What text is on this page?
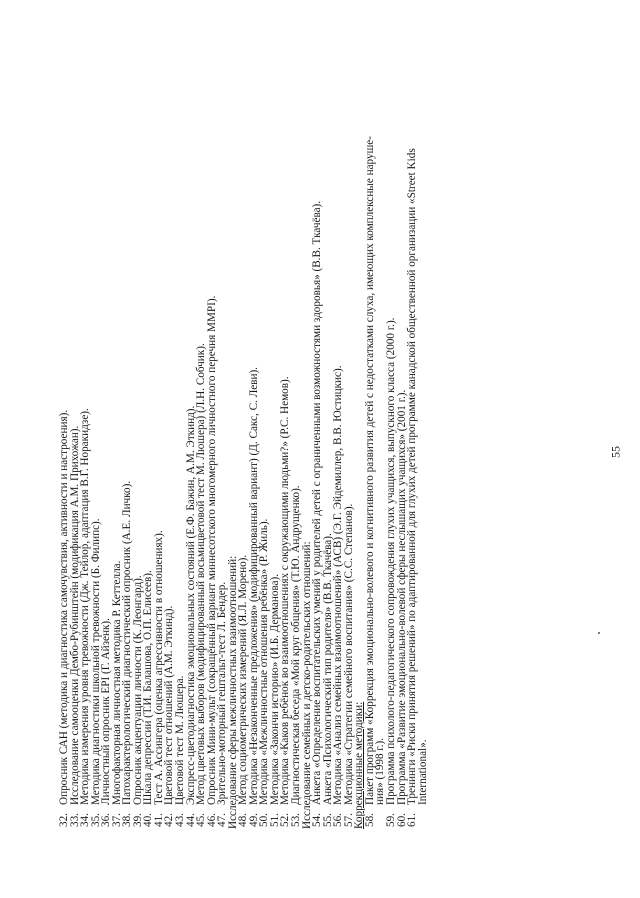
55
32.Опросник САН (методика и диагностика самочувствия, активности и настроения).
33.Исследование самооценки Дембо-Рубинштейн (модификация А.М. Прихожан).
34.Методика измерения уровня тревожности (Дж. Тейлор, адаптация В.Г. Норакидзе).
35.Методика диагностики школьной тревожности (Б. Филипс).
36.Личностный опросник EPI (Г. Айзенк).
37.Многофакторная личностная методика Р. Кеттелла.
38.Патохарактерологический диагностический опросник (А.Е. Личко).
39.Опросник акцентуации личности (К. Леонгард).
40.Шкала депрессии (Т.И. Балашова, О.П. Елисеев).
41.Тест А. Ассингера (оценка агрессивности в отношениях).
42.Цветовой тест отношений (А.М. Эткинд).
43.Цветовой тест М. Люшера.
44.Экспресс-цветодиагностика эмоциональных состояний (Е.Ф. Бажин, А.М. Эткинд).
45.Метод цветовых выборов (модифицированный восьмицветовой тест М. Люшера) (Л.Н. Собчик).
46.Опросник Мини-мульт (сокращённый вариант миннесотского многомерного личностного перечня MMPI).
47.Зрительно-моторный гештальт-тест Л. Бендер.
Исследование сферы межличностных взаимоотношений:
48.Метод социометрических измерений (Я.Л. Морено).
49.Методика «Незаконченные предложения» (модифицированный вариант) (Д. Сакс, С. Леви).
50.Методика «Межличностные отношения ребёнка» (Р. Жиль).
51.Методика «Закончи историю» (И.Б. Дерманова).
52.Методика «Каков ребёнок во взаимоотношениях с окружающими людьми?» (Р.С. Немов).
53.Диагностическая беседа «Мой круг общения» (Т.Ю. Андрущенко).
Исследование семейных и детско-родительских отношений:
54.Анкета «Определение воспитательских умений у родителей детей с ограниченными возможностями здоровья» (В.В. Ткачёва).
55.Анкета «Психологический тип родителя» (В.В. Ткачёва).
56.Методика «Анализ семейных взаимоотношений» (АСВ) (Э.Г. Эйдемиллер, В.В. Юстицкис).
57.Методика «Стратегии семейного воспитания» (С.С. Степанов).
Коррекционные методики:
58.Пакет программ «Коррекция эмоционально-волевого и когнитивного развития детей с недостатками слуха, имеющих комплексные наруше-
ния» (1998 г.).
59.Программа психолого-педагогического сопровождения глухих учащихся, выпускного класса (2000 г.).
60.Программа «Развитие эмоционально-волевой сферы неслышащих учащихся» (2001 г.).
61.Тренинги «Риски принятия решений» по адаптированной для глухих детей программе канадской общественной организации «Street Kids
International».
